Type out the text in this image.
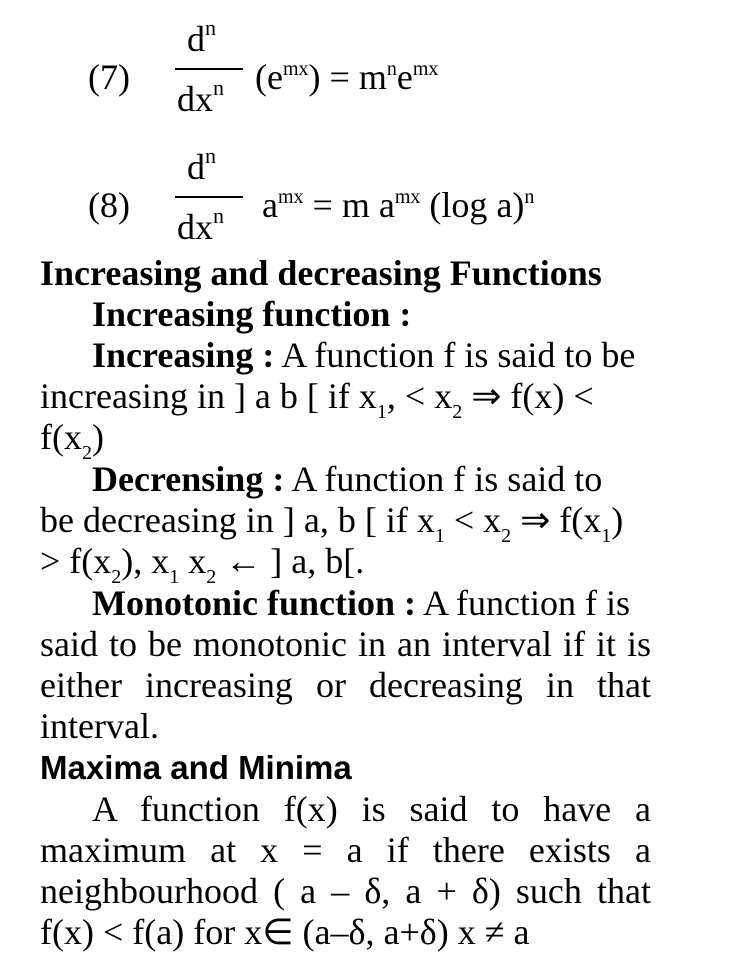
(7)
$d^n$
$dx^n$ $(e^{mx}) = m^ne^{mx}$
(8)
$d^n$
$dx^n$ $a^{mx} = m$ $a^{mx}$ (log a)$^n$
Increasing and decreasing Functions
Increasing function :
Increasing : A function f is said to be
increasing in ] a b [ if $x_1$, < $x_2$ ⇒ f(x) <
$f(x_2)$
Decrensing : A function f is said to
be decreasing in ] a, b [ if $x_1 < x_2$ ⇒ $f(x_1)$
> $f(x_2)$, $x_1$ $x_2$ ← ] a, b[.
Monotonic function : A function f is
said to be monotonic in an interval if it is
either increasing or decreasing in that
interval.
Maxima and Minima
A function f(x) is said to have a
maximum at x = a if there exists a
neighbourhood ( a – δ, a + δ) such that
f(x) < f(a) for x∈ (a–δ, a+δ) x ≠ a
